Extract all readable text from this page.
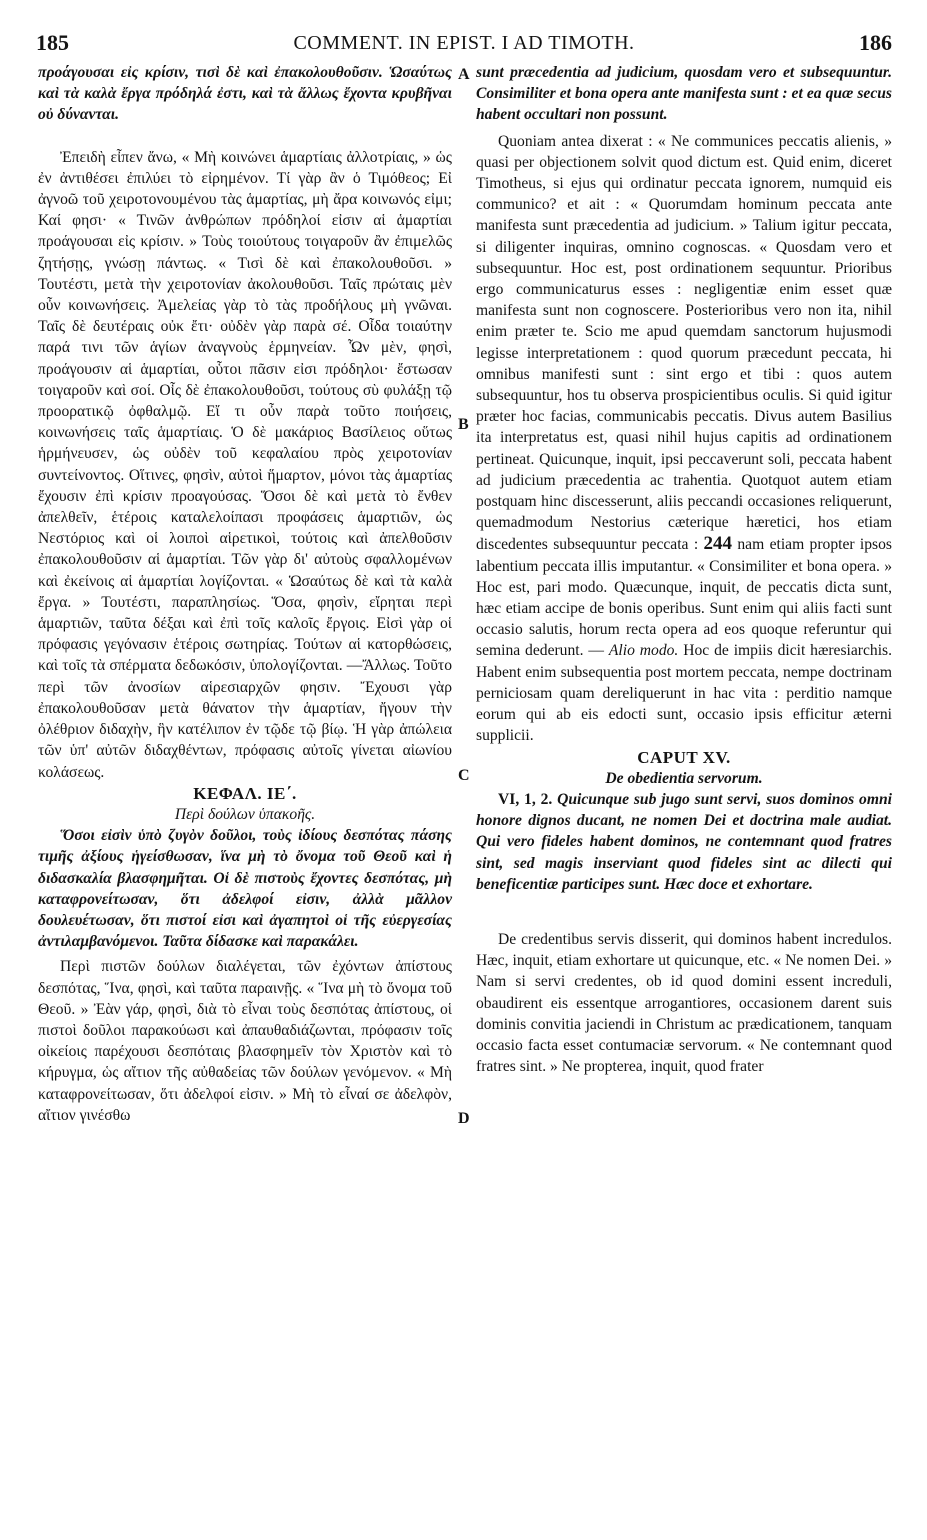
185	COMMENT. IN EPIST. I AD TIMOTH.	186
A
B
C
D

προάγουσαι εἰς κρίσιν, τισὶ δὲ καὶ ἐπακολουθοῦσιν. Ὡσαύτως καὶ τὰ καλὰ ἔργα πρόδηλά ἐστι, καὶ τὰ ἄλλως ἔχοντα κρυβῆναι οὐ δύνανται.

Ἐπειδὴ εἶπεν ἄνω, « Μὴ κοινώνει ἁμαρτίαις ἀλλοτρίαις, » ὡς ἐν ἀντιθέσει ἐπιλύει τὸ εἰρημένον. Τί γὰρ ἂν ὁ Τιμόθεος; Εἰ ἀγνοῶ τοῦ χειροτονουμένου τὰς ἁμαρτίας, μὴ ἄρα κοινωνός εἰμι; Καί φησι· « Τινῶν ἀνθρώπων πρόδηλοί εἰσιν αἱ ἁμαρτίαι προάγουσαι εἰς κρίσιν. » Τοὺς τοιούτους τοιγαροῦν ἂν ἐπιμελῶς ζητήσῃς, γνώσῃ πάντως. « Τισὶ δὲ καὶ ἐπακολουθοῦσι. » Τουτέστι, μετὰ τὴν χειροτονίαν ἀκολουθοῦσι. Ταῖς πρώταις μὲν οὖν κοινωνήσεις. Ἀμελείας γὰρ τὸ τὰς προδήλους μὴ γνῶναι. Ταῖς δὲ δευτέραις οὐκ ἔτι· οὐδὲν γὰρ παρὰ σέ. Οἶδα τοιαύτην παρά τινι τῶν ἁγίων ἀναγνοὺς ἑρμηνείαν. Ὧν μὲν, φησὶ, προάγουσιν αἱ ἁμαρτίαι, οὗτοι πᾶσιν εἰσι πρόδηλοι· ἔστωσαν τοιγαροῦν καὶ σοί. Οἷς δὲ ἐπακολουθοῦσι, τούτους σὺ φυλάξῃ τῷ προορατικῷ ὀφθαλμῷ. Εἴ τι οὖν παρὰ τοῦτο ποιήσεις, κοινωνήσεις ταῖς ἁμαρτίαις. Ὁ δὲ μακάριος Βασίλειος οὕτως ἡρμήνευσεν, ὡς οὐδὲν τοῦ κεφαλαίου πρὸς χειροτονίαν συντείνοντος. Οἵτινες, φησὶν, αὐτοὶ ἥμαρτον, μόνοι τὰς ἁμαρτίας ἔχουσιν ἐπὶ κρίσιν προαγούσας. Ὅσοι δὲ καὶ μετὰ τὸ ἔνθεν ἀπελθεῖν, ἑτέροις καταλελοίπασι προφάσεις ἁμαρτιῶν, ὡς Νεστόριος καὶ οἱ λοιποὶ αἱρετικοὶ, τούτοις καὶ ἀπελθοῦσιν ἐπακολουθοῦσιν αἱ ἁμαρτίαι. Τῶν γὰρ δι' αὐτοὺς σφαλλομένων καὶ ἐκείνοις αἱ ἁμαρτίαι λογίζονται. « Ὡσαύτως δὲ καὶ τὰ καλὰ ἔργα. » Τουτέστι, παραπλησίως. Ὅσα, φησὶν, εἴρηται περὶ ἁμαρτιῶν, ταῦτα δέξαι καὶ ἐπὶ τοῖς καλοῖς ἔργοις. Εἰσὶ γὰρ οἱ πρόφασις γεγόνασιν ἑτέροις σωτηρίας. Τούτων αἱ κατορθώσεις, καὶ τοῖς τὰ σπέρματα δεδωκόσιν, ὑπολογίζονται. —Ἄλλως. Τοῦτο περὶ τῶν ἀνοσίων αἱρεσιαρχῶν φησιν. Ἔχουσι γὰρ ἐπακολουθοῦσαν μετὰ θάνατον τὴν ἁμαρτίαν, ἤγουν τὴν ὀλέθριον διδαχὴν, ἣν κατέλιπον ἐν τῷδε τῷ βίῳ. Ἡ γὰρ ἀπώλεια τῶν ὑπ' αὐτῶν διδαχθέντων, πρόφασις αὐτοῖς γίνεται αἰωνίου κολάσεως.

ΚΕΦΑΛ. ΙΕ΄.

Περὶ δούλων ὑπακοῆς.

Ὅσοι εἰσὶν ὑπὸ ζυγὸν δοῦλοι, τοὺς ἰδίους δεσπότας πάσης τιμῆς ἀξίους ἡγείσθωσαν, ἵνα μὴ τὸ ὄνομα τοῦ Θεοῦ καὶ ἡ διδασκαλία βλασφημῆται. Οἱ δὲ πιστοὺς ἔχοντες δεσπότας, μὴ καταφρονείτωσαν, ὅτι ἀδελφοί εἰσιν, ἀλλὰ μᾶλλον δουλευέτωσαν, ὅτι πιστοί εἰσι καὶ ἀγαπητοὶ οἱ τῆς εὐεργεσίας ἀντιλαμβανόμενοι. Ταῦτα δίδασκε καὶ παρακάλει.

Περὶ πιστῶν δούλων διαλέγεται, τῶν ἐχόντων ἀπίστους δεσπότας, Ἵνα, φησὶ, καὶ ταῦτα παραινῇς. « Ἵνα μὴ τὸ ὄνομα τοῦ Θεοῦ. » Ἐὰν γάρ, φησὶ, διὰ τὸ εἶναι τοὺς δεσπότας ἀπίστους, οἱ πιστοὶ δοῦλοι παρακούωσι καὶ ἀπαυθαδιάζωνται, πρόφασιν τοῖς οἰκείοις παρέχουσι δεσπόταις βλασφημεῖν τὸν Χριστὸν καὶ τὸ κήρυγμα, ὡς αἴτιον τῆς αὐθαδείας τῶν δούλων γενόμενον. « Μὴ καταφρονείτωσαν, ὅτι ἀδελφοί εἰσιν. » Μὴ τὸ εἶναί σε ἀδελφὸν, αἴτιον γινέσθω

sunt præcedentia ad judicium, quosdam vero et subsequuntur. Consimiliter et bona opera ante manifesta sunt : et ea quæ secus habent occultari non possunt.

Quoniam antea dixerat : « Ne communices peccatis alienis, » quasi per objectionem solvit quod dictum est. Quid enim, diceret Timotheus, si ejus qui ordinatur peccata ignorem, numquid eis communico? et ait : « Quorumdam hominum peccata ante manifesta sunt præcedentia ad judicium. » Talium igitur peccata, si diligenter inquiras, omnino cognoscas. « Quosdam vero et subsequuntur. Hoc est, post ordinationem sequuntur. Prioribus ergo communicaturus esses : negligentiæ enim esset quæ manifesta sunt non cognoscere. Posterioribus vero non ita, nihil enim præter te. Scio me apud quemdam sanctorum hujusmodi legisse interpretationem : quod quorum præcedunt peccata, hi omnibus manifesti sunt : sint ergo et tibi : quos autem subsequuntur, hos tu observa prospicientibus oculis. Si quid igitur præter hoc facias, communicabis peccatis. Divus autem Basilius ita interpretatus est, quasi nihil hujus capitis ad ordinationem pertineat. Quicunque, inquit, ipsi peccaverunt soli, peccata habent ad judicium præcedentia ac trahentia. Quotquot autem etiam postquam hinc discesserunt, aliis peccandi occasiones reliquerunt, quemadmodum Nestorius cæterique hæretici, hos etiam discedentes subsequuntur peccata : 244 nam etiam propter ipsos labentium peccata illis imputantur. « Consimiliter et bona opera. » Hoc est, pari modo. Quæcunque, inquit, de peccatis dicta sunt, hæc etiam accipe de bonis operibus. Sunt enim qui aliis facti sunt occasio salutis, horum recta opera ad eos quoque referuntur qui semina dederunt. — Alio modo. Hoc de impiis dicit hæresiarchis. Habent enim subsequentia post mortem peccata, nempe doctrinam perniciosam quam dereliquerunt in hac vita : perditio namque eorum qui ab eis edocti sunt, occasio ipsis efficitur æterni supplicii.

CAPUT XV.

De obedientia servorum.

VI, 1, 2. Quicunque sub jugo sunt servi, suos dominos omni honore dignos ducant, ne nomen Dei et doctrina male audiat. Qui vero fideles habent dominos, ne contemnant quod fratres sint, sed magis inserviant quod fideles sint ac dilecti qui beneficentiæ participes sunt. Hæc doce et exhortare.

De credentibus servis disserit, qui dominos habent incredulos. Hæc, inquit, etiam exhortare ut quicunque, etc. « Ne nomen Dei. » Nam si servi credentes, ob id quod domini essent increduli, obaudirent eis essentque arrogantiores, occasionem darent suis dominis convitia jaciendi in Christum ac prædicationem, tanquam occasio facta esset contumaciæ servorum. « Ne contemnant quod fratres sint. » Ne propterea, inquit, quod frater
